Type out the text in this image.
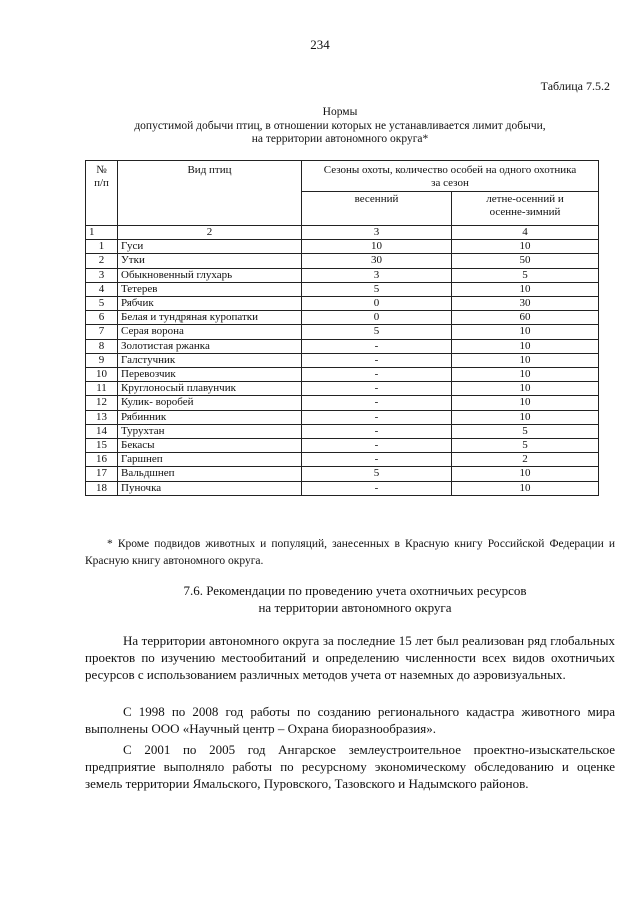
234
Таблица 7.5.2
Нормы
допустимой добычи птиц, в отношении которых не устанавливается лимит добычи,
на территории автономного округа*
№ п/п	Вид птиц	Сезоны охоты, количество особей на одного охотника за сезон	
		весенний	летне-осенний и осенне-зимний
1	2	3	4
1	Гуси	10	10
2	Утки	30	50
3	Обыкновенный глухарь	3	5
4	Тетерев	5	10
5	Рябчик	0	30
6	Белая и тундряная куропатки	0	60
7	Серая ворона	5	10
8	Золотистая ржанка	-	10
9	Галстучник	-	10
10	Перевозчик	-	10
11	Круглоносый плавунчик	-	10
12	Кулик- воробей	-	10
13	Рябинник	-	10
14	Турухтан	-	5
15	Бекасы	-	5
16	Гаршнеп	-	2
17	Вальдшнеп	5	10
18	Пуночка	-	10
* Кроме подвидов животных и популяций, занесенных в Красную книгу Российской Федерации и Красную книгу автономного округа.
7.6. Рекомендации по проведению учета охотничьих ресурсов
на территории автономного округа

На территории автономного округа за последние 15 лет был реализован ряд глобальных проектов по изучению местообитаний и определению численности всех видов охотничьих ресурсов с использованием различных методов учета от наземных до аэровизуальных.

С 1998 по 2008 год работы по созданию регионального кадастра животного мира выполнены ООО «Научный центр – Охрана биоразнообразия».

С 2001 по 2005 год Ангарское землеустроительное проектно-изыскательское предприятие выполняло работы по ресурсному экономическому обследованию и оценке земель территории Ямальского, Пуровского, Тазовского и Надымского районов.
